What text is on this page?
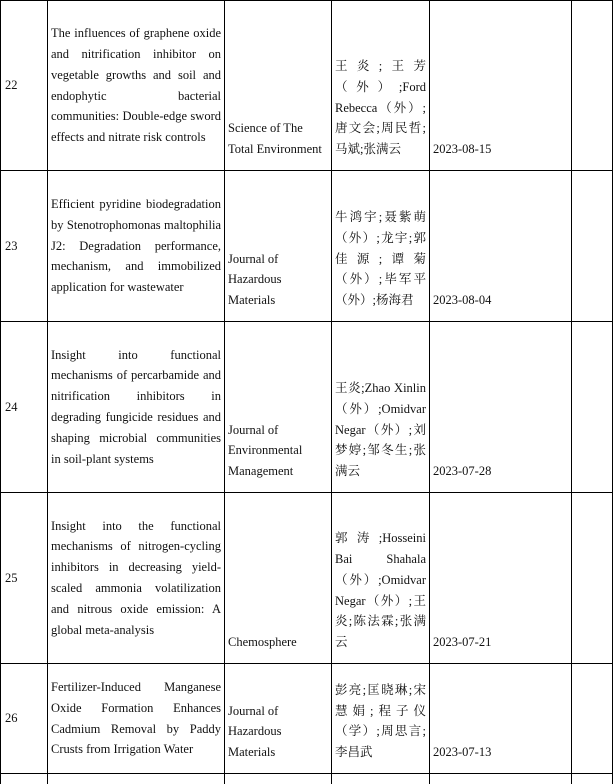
22	The influences of graphene oxide and nitrification inhibitor on vegetable growths and soil and endophytic bacterial communities: Double-edge sword effects and nitrate risk controls	Science of The Total Environment	王炎;王芳（外）;Ford Rebecca（外）;唐文会;周民哲;马斌;张满云	2023-08-15	
23	Efficient pyridine biodegradation by Stenotrophomonas maltophilia J2: Degradation performance, mechanism, and immobilized application for wastewater	Journal of Hazardous Materials	牛鸿宇;聂紫萌（外）;龙宇;郭佳源;谭菊（外）;毕军平（外）;杨海君	2023-08-04	
24	Insight into functional mechanisms of percarbamide and nitrification inhibitors in degrading fungicide residues and shaping microbial communities in soil-plant systems	Journal of Environmental Management	王炎;Zhao Xinlin（外）;Omidvar Negar（外）;刘梦婷;邹冬生;张满云	2023-07-28	
25	Insight into the functional mechanisms of nitrogen-cycling inhibitors in decreasing yield-scaled ammonia volatilization and nitrous oxide emission: A global meta-analysis	Chemosphere	郭涛;Hosseini Bai Shahala（外）;Omidvar Negar（外）;王炎;陈法霖;张满云	2023-07-21	
26	Fertilizer-Induced Manganese Oxide Formation Enhances Cadmium Removal by Paddy Crusts from Irrigation Water	Journal of Hazardous Materials	彭亮;匡晓琳;宋慧娟;程子仪（学）;周思言;李昌武	2023-07-13	
